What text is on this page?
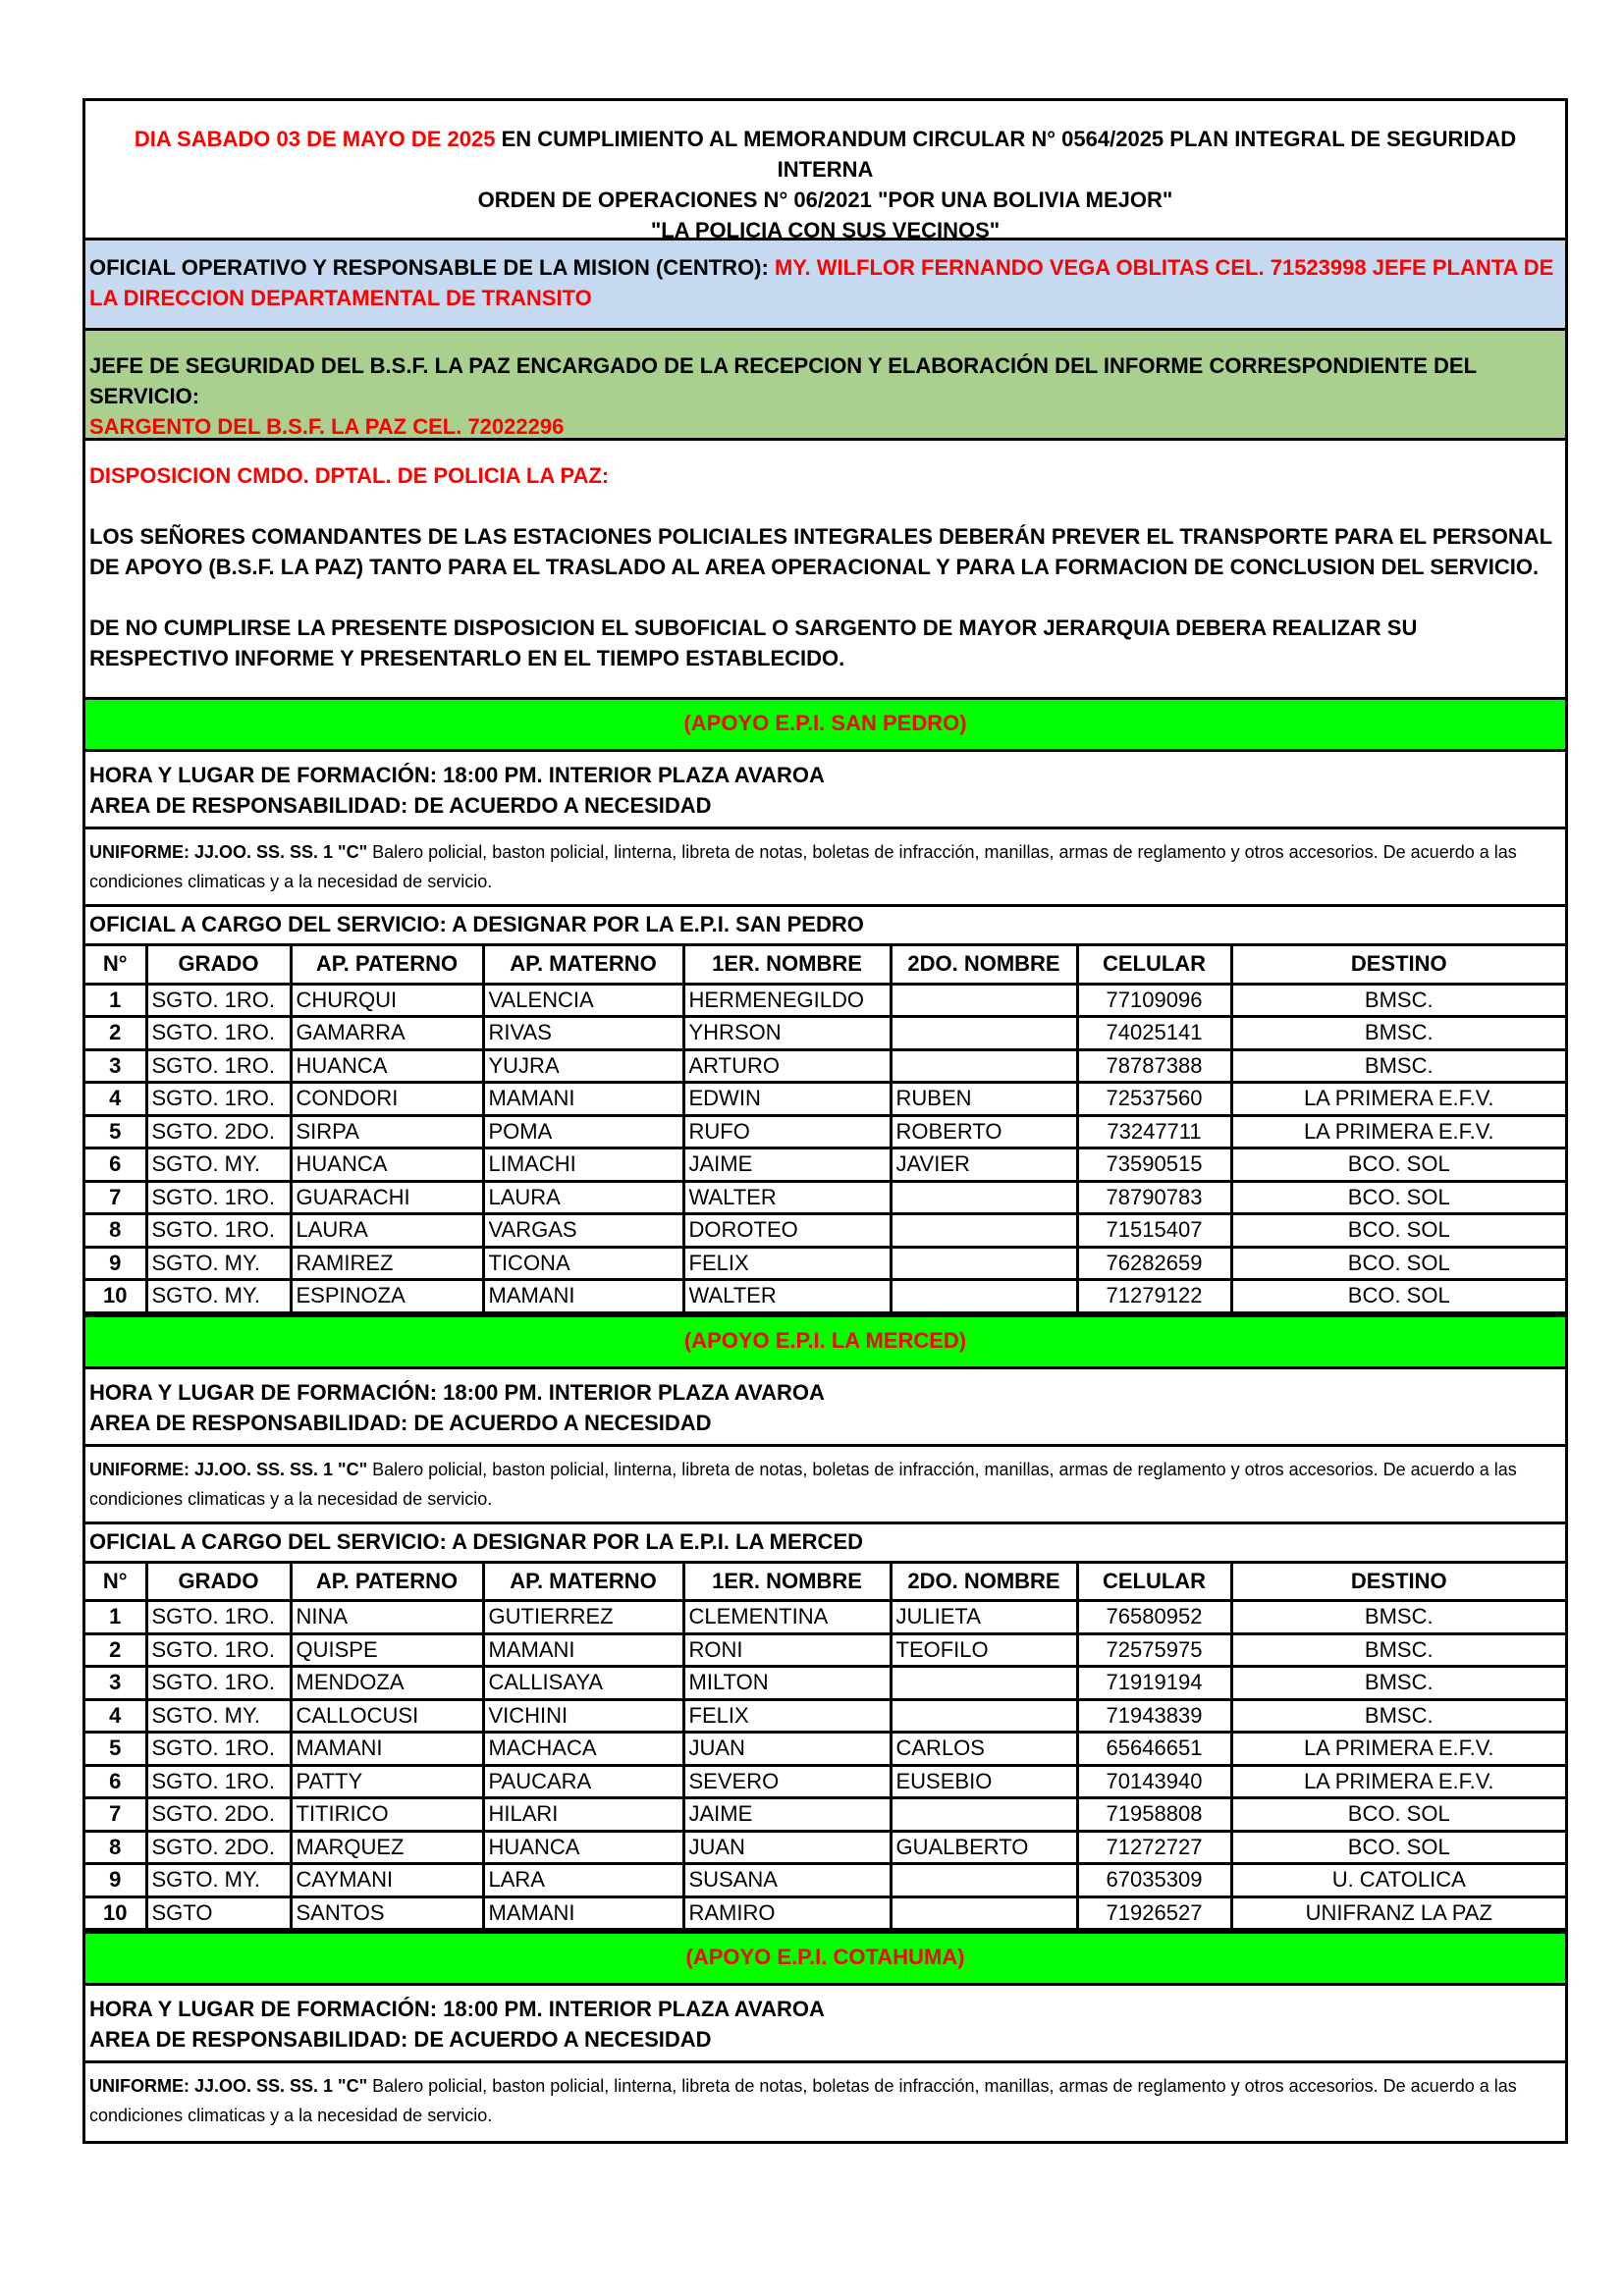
DIA SABADO 03 DE MAYO DE 2025 EN CUMPLIMIENTO AL MEMORANDUM CIRCULAR N° 0564/2025 PLAN INTEGRAL DE SEGURIDAD INTERNA
ORDEN DE OPERACIONES N° 06/2021 "POR UNA BOLIVIA MEJOR"
"LA POLICIA CON SUS VECINOS"
OFICIAL OPERATIVO Y RESPONSABLE DE LA MISION (CENTRO): MY. WILFLOR FERNANDO VEGA OBLITAS CEL. 71523998 JEFE PLANTA DE LA DIRECCION DEPARTAMENTAL DE TRANSITO
JEFE DE SEGURIDAD DEL B.S.F. LA PAZ ENCARGADO DE LA RECEPCION Y ELABORACIÓN DEL INFORME CORRESPONDIENTE DEL SERVICIO:
SARGENTO DEL B.S.F. LA PAZ CEL. 72022296

DISPOSICION CMDO. DPTAL. DE POLICIA LA PAZ:

LOS SEÑORES COMANDANTES DE LAS ESTACIONES POLICIALES INTEGRALES DEBERÁN PREVER EL TRANSPORTE PARA EL PERSONAL DE APOYO (B.S.F. LA PAZ) TANTO PARA EL TRASLADO AL AREA OPERACIONAL Y PARA LA FORMACION DE CONCLUSION DEL SERVICIO.

DE NO CUMPLIRSE LA PRESENTE DISPOSICION EL SUBOFICIAL O SARGENTO DE MAYOR JERARQUIA DEBERA REALIZAR SU RESPECTIVO INFORME Y PRESENTARLO EN EL TIEMPO ESTABLECIDO.

(APOYO E.P.I. SAN PEDRO)
HORA Y LUGAR DE FORMACIÓN: 18:00 PM. INTERIOR PLAZA AVAROA
AREA DE RESPONSABILIDAD: DE ACUERDO A NECESIDAD
UNIFORME: JJ.OO. SS. SS. 1 "C" Balero policial, baston policial, linterna, libreta de notas, boletas de infracción, manillas, armas de reglamento y otros accesorios. De acuerdo a las condiciones climaticas y a la necesidad de servicio.
OFICIAL A CARGO DEL SERVICIO: A DESIGNAR POR LA E.P.I. SAN PEDRO
N°	GRADO	AP. PATERNO	AP. MATERNO	1ER. NOMBRE	2DO. NOMBRE	CELULAR	DESTINO
1	SGTO. 1RO.	CHURQUI	VALENCIA	HERMENEGILDO		77109096	BMSC.
2	SGTO. 1RO.	GAMARRA	RIVAS	YHRSON		74025141	BMSC.
3	SGTO. 1RO.	HUANCA	YUJRA	ARTURO		78787388	BMSC.
4	SGTO. 1RO.	CONDORI	MAMANI	EDWIN	RUBEN	72537560	LA PRIMERA E.F.V.
5	SGTO. 2DO.	SIRPA	POMA	RUFO	ROBERTO	73247711	LA PRIMERA E.F.V.
6	SGTO. MY.	HUANCA	LIMACHI	JAIME	JAVIER	73590515	BCO. SOL
7	SGTO. 1RO.	GUARACHI	LAURA	WALTER		78790783	BCO. SOL
8	SGTO. 1RO.	LAURA	VARGAS	DOROTEO		71515407	BCO. SOL
9	SGTO. MY.	RAMIREZ	TICONA	FELIX		76282659	BCO. SOL
10	SGTO. MY.	ESPINOZA	MAMANI	WALTER		71279122	BCO. SOL
(APOYO E.P.I. LA MERCED)
HORA Y LUGAR DE FORMACIÓN: 18:00 PM. INTERIOR PLAZA AVAROA
AREA DE RESPONSABILIDAD: DE ACUERDO A NECESIDAD
UNIFORME: JJ.OO. SS. SS. 1 "C" Balero policial, baston policial, linterna, libreta de notas, boletas de infracción, manillas, armas de reglamento y otros accesorios. De acuerdo a las condiciones climaticas y a la necesidad de servicio.
OFICIAL A CARGO DEL SERVICIO: A DESIGNAR POR LA E.P.I. LA MERCED
N°	GRADO	AP. PATERNO	AP. MATERNO	1ER. NOMBRE	2DO. NOMBRE	CELULAR	DESTINO
1	SGTO. 1RO.	NINA	GUTIERREZ	CLEMENTINA	JULIETA	76580952	BMSC.
2	SGTO. 1RO.	QUISPE	MAMANI	RONI	TEOFILO	72575975	BMSC.
3	SGTO. 1RO.	MENDOZA	CALLISAYA	MILTON		71919194	BMSC.
4	SGTO. MY.	CALLOCUSI	VICHINI	FELIX		71943839	BMSC.
5	SGTO. 1RO.	MAMANI	MACHACA	JUAN	CARLOS	65646651	LA PRIMERA E.F.V.
6	SGTO. 1RO.	PATTY	PAUCARA	SEVERO	EUSEBIO	70143940	LA PRIMERA E.F.V.
7	SGTO. 2DO.	TITIRICO	HILARI	JAIME		71958808	BCO. SOL
8	SGTO. 2DO.	MARQUEZ	HUANCA	JUAN	GUALBERTO	71272727	BCO. SOL
9	SGTO. MY.	CAYMANI	LARA	SUSANA		67035309	U. CATOLICA
10	SGTO	SANTOS	MAMANI	RAMIRO		71926527	UNIFRANZ LA PAZ
(APOYO E.P.I. COTAHUMA)
HORA Y LUGAR DE FORMACIÓN: 18:00 PM. INTERIOR PLAZA AVAROA
AREA DE RESPONSABILIDAD: DE ACUERDO A NECESIDAD
UNIFORME: JJ.OO. SS. SS. 1 "C" Balero policial, baston policial, linterna, libreta de notas, boletas de infracción, manillas, armas de reglamento y otros accesorios. De acuerdo a las condiciones climaticas y a la necesidad de servicio.
